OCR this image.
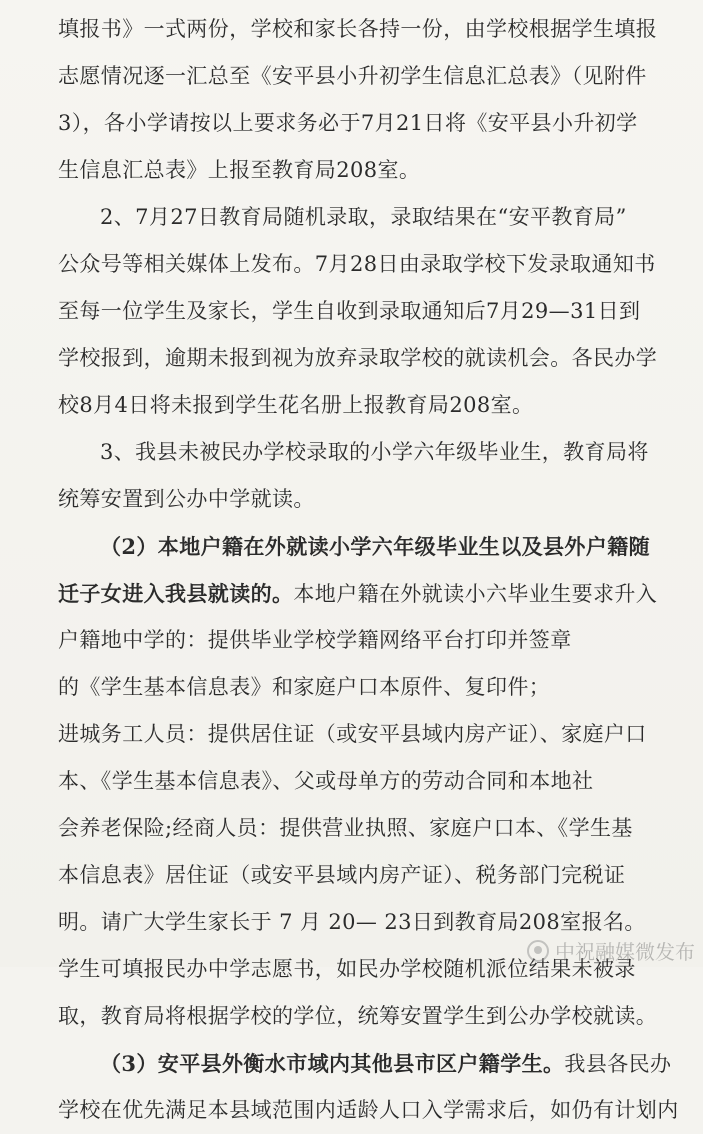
填报书》一式两份，学校和家长各持一份，由学校根据学生填报
志愿情况逐一汇总至《安平县小升初学生信息汇总表》（见附件
3），各小学请按以上要求务必于7月21日将《安平县小升初学
生信息汇总表》上报至教育局208室。
2、7月27日教育局随机录取，录取结果在“安平教育局”
公众号等相关媒体上发布。7月28日由录取学校下发录取通知书
至每一位学生及家长，学生自收到录取通知后7月29—31日到
学校报到，逾期未报到视为放弃录取学校的就读机会。各民办学
校8月4日将未报到学生花名册上报教育局208室。
3、我县未被民办学校录取的小学六年级毕业生，教育局将
统筹安置到公办中学就读。
（2）本地户籍在外就读小学六年级毕业生以及县外户籍随
迁子女进入我县就读的。本地户籍在外就读小六毕业生要求升入
户籍地中学的：提供毕业学校学籍网络平台打印并签章
的《学生基本信息表》和家庭户口本原件、复印件；
进城务工人员：提供居住证（或安平县域内房产证）、家庭户口
本、《学生基本信息表》、父或母单方的劳动合同和本地社
会养老保险;经商人员：提供营业执照、家庭户口本、《学生基
本信息表》居住证（或安平县域内房产证）、税务部门完税证
明。请广大学生家长于 7 月 20— 23日到教育局208室报名。
学生可填报民办中学志愿书，如民办学校随机派位结果未被录
取，教育局将根据学校的学位，统筹安置学生到公办学校就读。
（3）安平县外衡水市域内其他县市区户籍学生。我县各民办
学校在优先满足本县域范围内适龄人口入学需求后，如仍有计划内
中祝融媒微发布
